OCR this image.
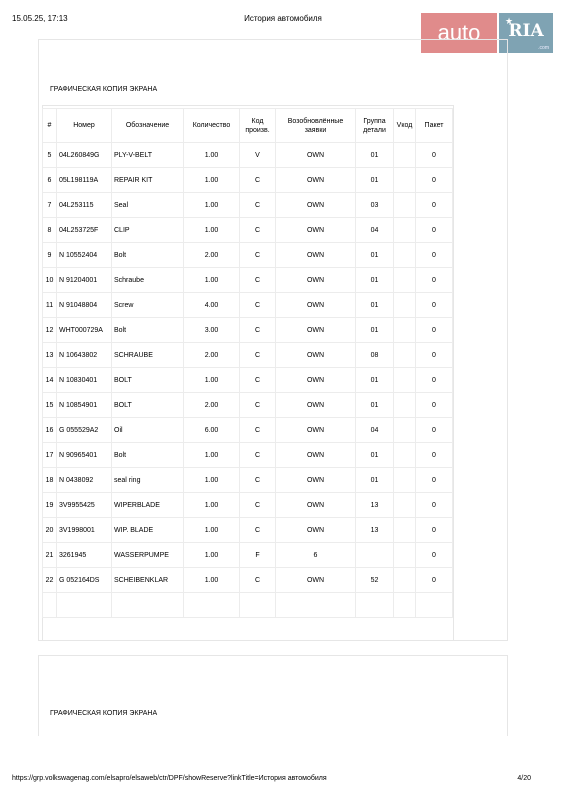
15.05.25, 17:13	История автомобиля
auto	RIA
.com
★
ГРАФИЧЕСКАЯ КОПИЯ ЭКРАНА
#	Номер	Обозначение	Количество	Код произв.	Возобновлённые заявки	Группа детали	Vкод	Пакет
5	04L260849G	PLY-V-BELT	1.00	V	OWN	01		0
6	05L198119A	REPAIR KIT	1.00	C	OWN	01		0
7	04L253115	Seal	1.00	C	OWN	03		0
8	04L253725F	CLIP	1.00	C	OWN	04		0
9	N 10552404	Bolt	2.00	C	OWN	01		0
10	N 91204001	Schraube	1.00	C	OWN	01		0
11	N 91048804	Screw	4.00	C	OWN	01		0
12	WHT000729A	Bolt	3.00	C	OWN	01		0
13	N 10643802	SCHRAUBE	2.00	C	OWN	08		0
14	N 10830401	BOLT	1.00	C	OWN	01		0
15	N 10854901	BOLT	2.00	C	OWN	01		0
16	G 055529A2	Oil	6.00	C	OWN	04		0
17	N 90965401	Bolt	1.00	C	OWN	01		0
18	N 0438092	seal ring	1.00	C	OWN	01		0
19	3V9955425	WIPERBLADE	1.00	C	OWN	13		0
20	3V1998001	WIP. BLADE	1.00	C	OWN	13		0
21	3261945	WASSERPUMPE	1.00	F	6			0
22	G 052164DS	SCHEIBENKLAR	1.00	C	OWN	52		0

ГРАФИЧЕСКАЯ КОПИЯ ЭКРАНА
https://grp.volkswagenag.com/elsapro/elsaweb/ctr/DPF/showReserve?linkTitle=История автомобиля	4/20
